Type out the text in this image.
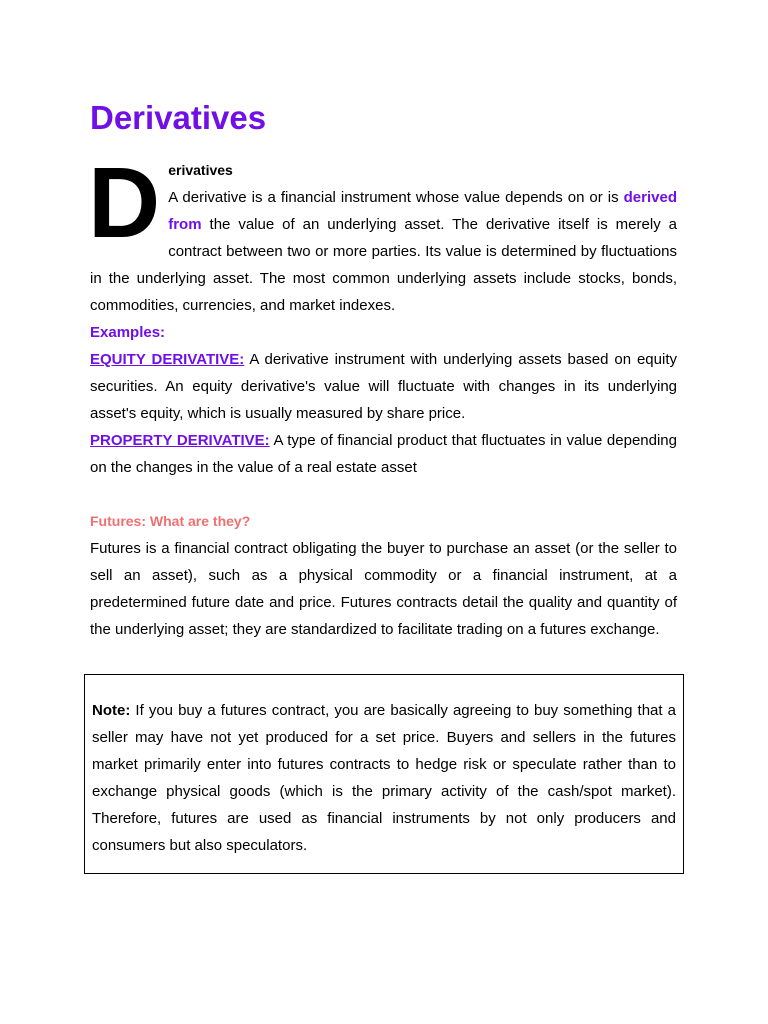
Derivatives
D erivatives

A derivative is a financial instrument whose value depends on or is derived from the value of an underlying asset. The derivative itself is merely a contract between two or more parties. Its value is determined by fluctuations in the underlying asset. The most common underlying assets include stocks, bonds, commodities, currencies, and market indexes.

Examples:

EQUITY DERIVATIVE: A derivative instrument with underlying assets based on equity securities. An equity derivative's value will fluctuate with changes in its underlying asset's equity, which is usually measured by share price.

PROPERTY DERIVATIVE: A type of financial product that fluctuates in value depending on the changes in the value of a real estate asset

Futures: What are they?

Futures is a financial contract obligating the buyer to purchase an asset (or the seller to sell an asset), such as a physical commodity or a financial instrument, at a predetermined future date and price. Futures contracts detail the quality and quantity of the underlying asset; they are standardized to facilitate trading on a futures exchange.

Note: If you buy a futures contract, you are basically agreeing to buy something that a seller may have not yet produced for a set price. Buyers and sellers in the futures market primarily enter into futures contracts to hedge risk or speculate rather than to exchange physical goods (which is the primary activity of the cash/spot market). Therefore, futures are used as financial instruments by not only producers and consumers but also speculators.
